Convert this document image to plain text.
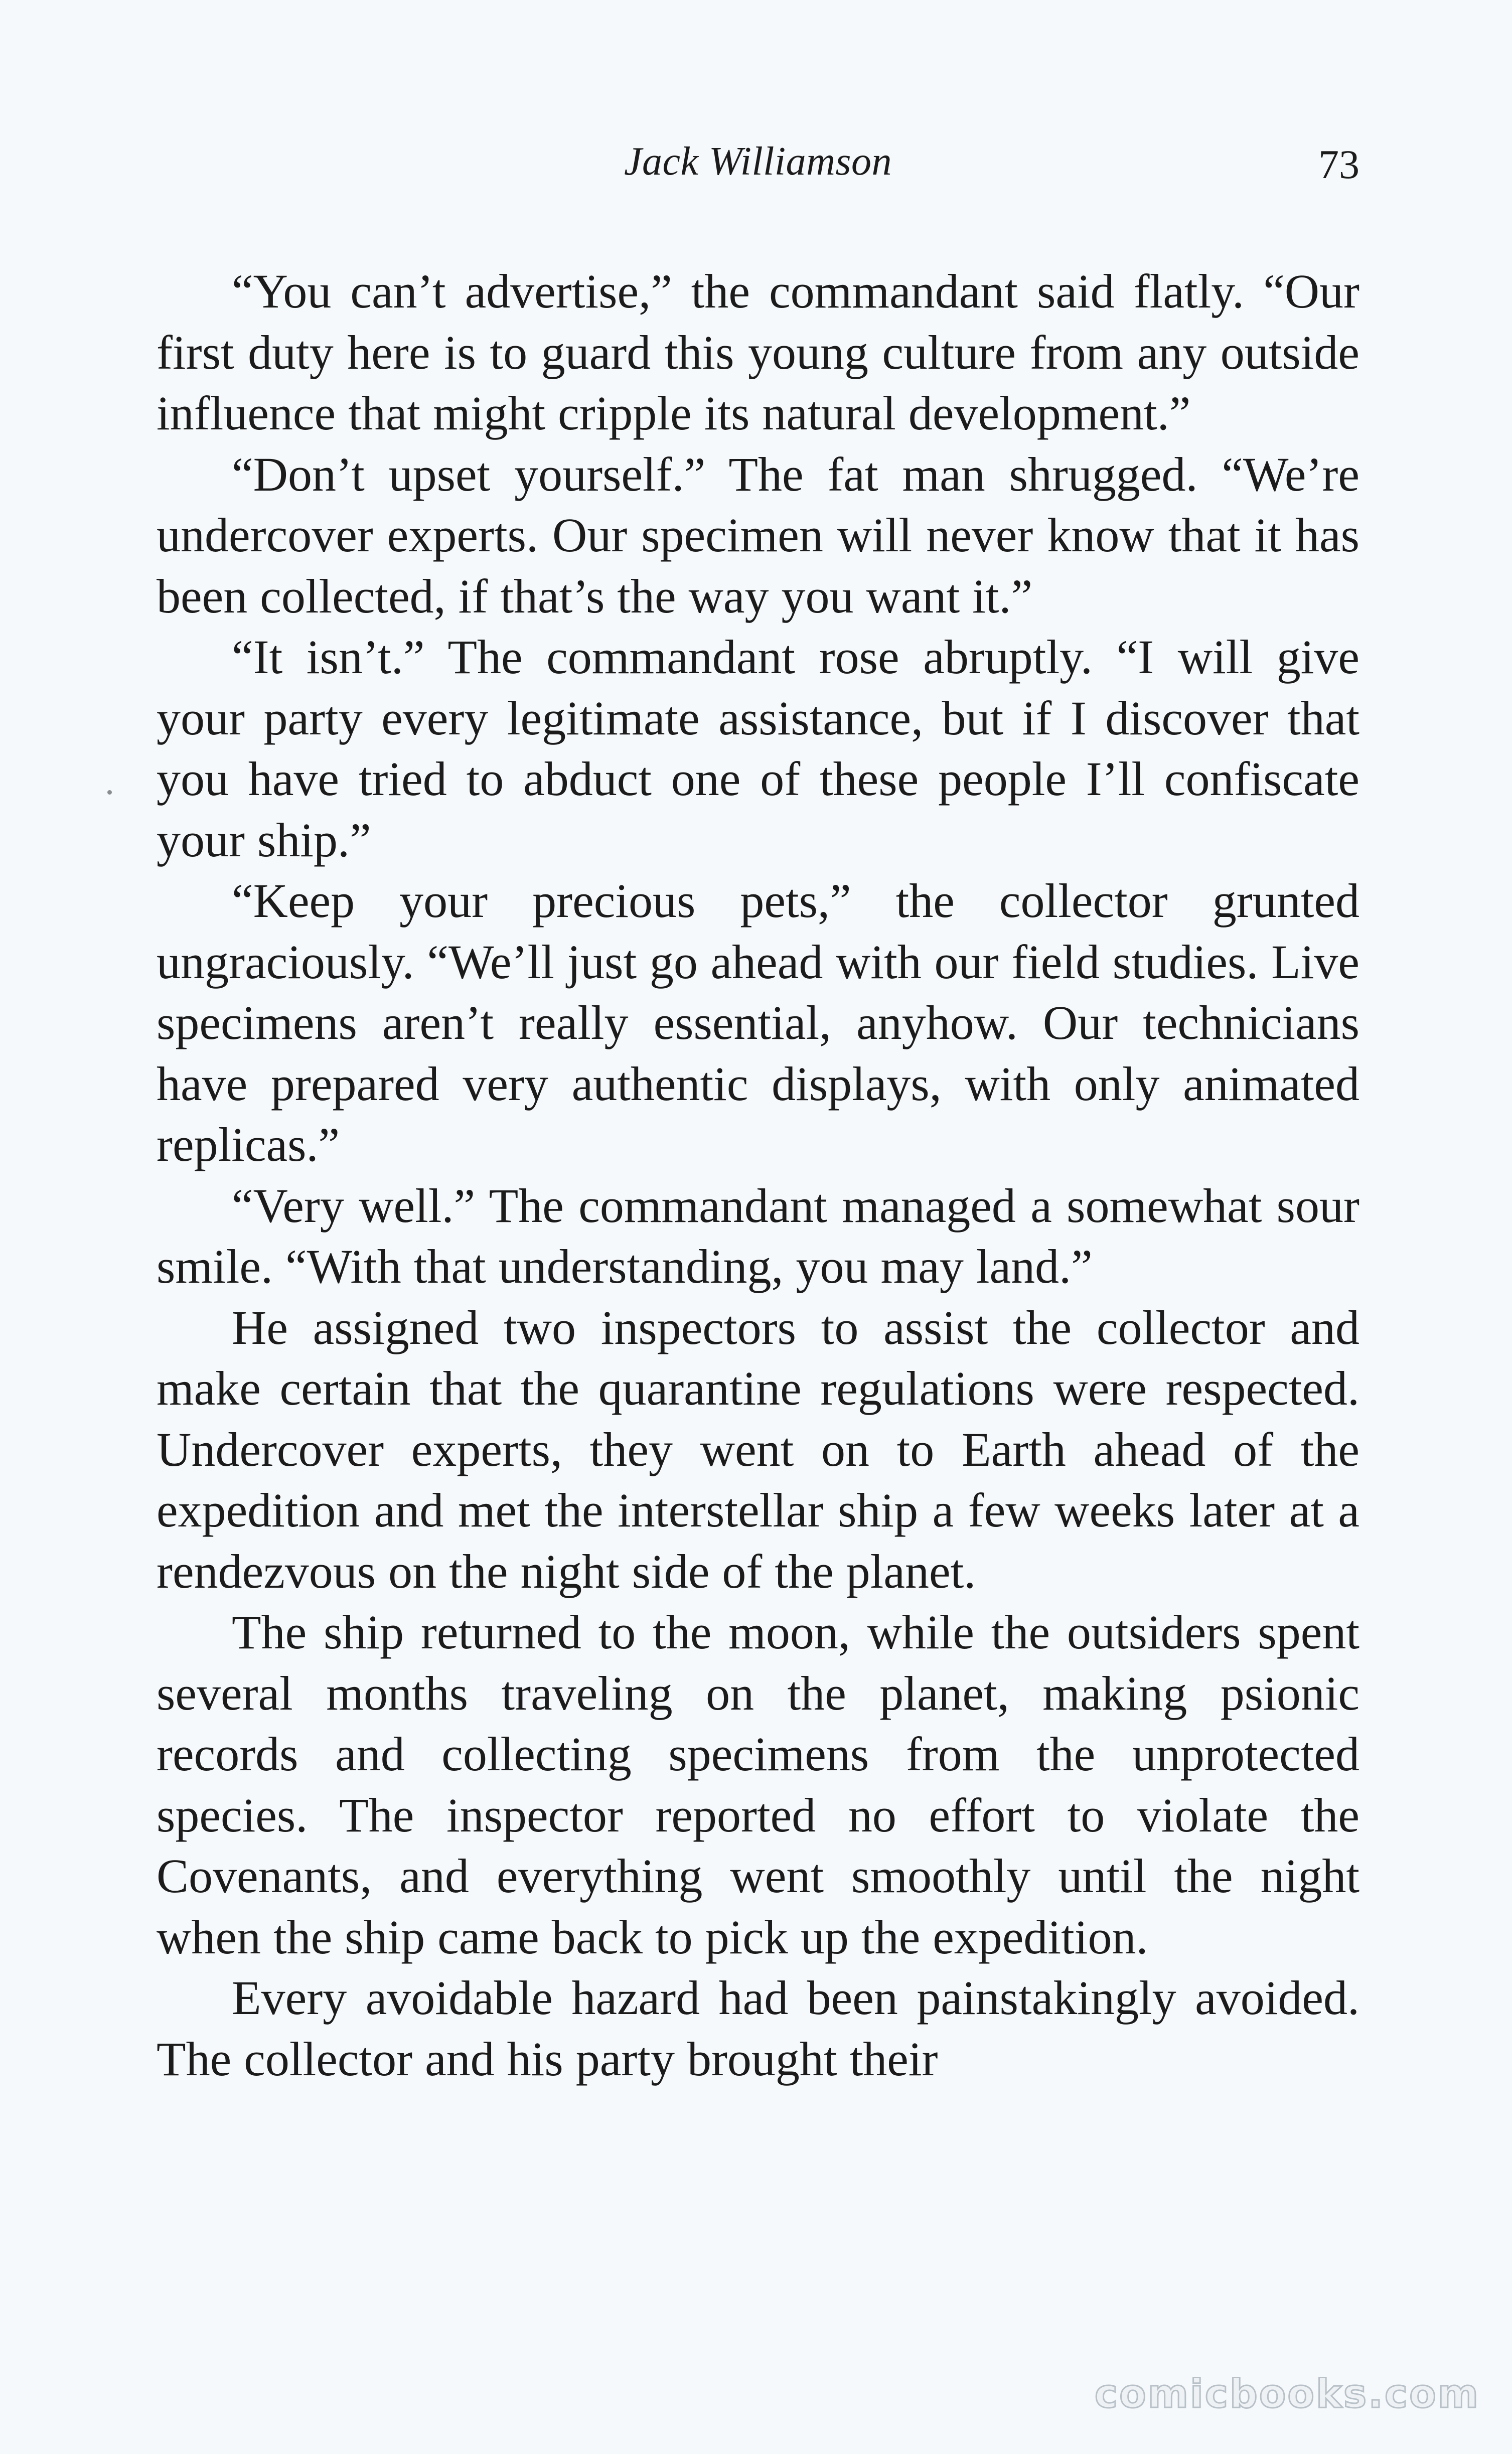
Jack Williamson	73

“You can’t advertise,” the commandant said flatly. “Our first duty here is to guard this young culture from any outside influence that might cripple its natural development.”

“Don’t upset yourself.” The fat man shrugged. “We’re undercover experts. Our specimen will never know that it has been collected, if that’s the way you want it.”

“It isn’t.” The commandant rose abruptly. “I will give your party every legitimate assistance, but if I discover that you have tried to abduct one of these people I’ll confiscate your ship.”

“Keep your precious pets,” the collector grunted ungraciously. “We’ll just go ahead with our field studies. Live specimens aren’t really essential, anyhow. Our technicians have prepared very authentic displays, with only animated replicas.”

“Very well.” The commandant managed a somewhat sour smile. “With that understanding, you may land.”

He assigned two inspectors to assist the collector and make certain that the quarantine regulations were respected. Undercover experts, they went on to Earth ahead of the expedition and met the interstellar ship a few weeks later at a rendezvous on the night side of the planet.

The ship returned to the moon, while the outsiders spent several months traveling on the planet, making psionic records and collecting specimens from the unprotected species. The inspector reported no effort to violate the Covenants, and everything went smoothly until the night when the ship came back to pick up the expedition.

Every avoidable hazard had been painstakingly avoided. The collector and his party brought their

comicbooks.com
